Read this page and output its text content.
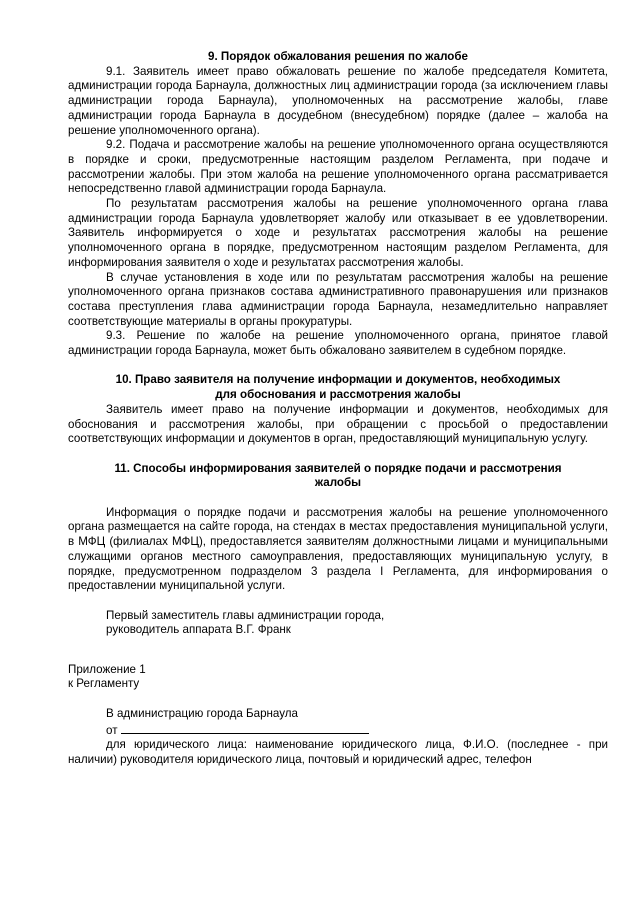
9. Порядок обжалования решения по жалобе

9.1. Заявитель имеет право обжаловать решение по жалобе председателя Комитета, администрации города Барнаула, должностных лиц администрации города (за исключением главы администрации города Барнаула), уполномоченных на рассмотрение жалобы, главе администрации города Барнаула в досудебном (внесудебном) порядке (далее – жалоба на решение уполномоченного органа).

9.2. Подача и рассмотрение жалобы на решение уполномоченного органа осуществляются в порядке и сроки, предусмотренные настоящим разделом Регламента, при подаче и рассмотрении жалобы. При этом жалоба на решение уполномоченного органа рассматривается непосредственно главой администрации города Барнаула.

По результатам рассмотрения жалобы на решение уполномоченного органа глава администрации города Барнаула удовлетворяет жалобу или отказывает в ее удовлетворении. Заявитель информируется о ходе и результатах рассмотрения жалобы на решение уполномоченного органа в порядке, предусмотренном настоящим разделом Регламента, для информирования заявителя о ходе и результатах рассмотрения жалобы.

В случае установления в ходе или по результатам рассмотрения жалобы на решение уполномоченного органа признаков состава административного правонарушения или признаков состава преступления глава администрации города Барнаула, незамедлительно направляет соответствующие материалы в органы прокуратуры.

9.3. Решение по жалобе на решение уполномоченного органа, принятое главой администрации города Барнаула, может быть обжаловано заявителем в судебном порядке.

10. Право заявителя на получение информации и документов, необходимых

для обоснования и рассмотрения жалобы

Заявитель имеет право на получение информации и документов, необходимых для обоснования и рассмотрения жалобы, при обращении с просьбой о предоставлении соответствующих информации и документов в орган, предоставляющий муниципальную услугу.

11. Способы информирования заявителей о порядке подачи и рассмотрения

жалобы

Информация о порядке подачи и рассмотрения жалобы на решение уполномоченного органа размещается на сайте города, на стендах в местах предоставления муниципальной услуги, в МФЦ (филиалах МФЦ), предоставляется заявителям должностными лицами и муниципальными служащими органов местного самоуправления, предоставляющих муниципальную услугу, в порядке, предусмотренном подразделом 3 раздела I Регламента, для информирования о предоставлении муниципальной услуги.

Первый заместитель главы администрации города,

руководитель аппарата В.Г. Франк

Приложение 1

к Регламенту

В администрацию города Барнаула

от

для юридического лица: наименование юридического лица, Ф.И.О. (последнее - при наличии) руководителя юридического лица, почтовый и юридический адрес, телефон
